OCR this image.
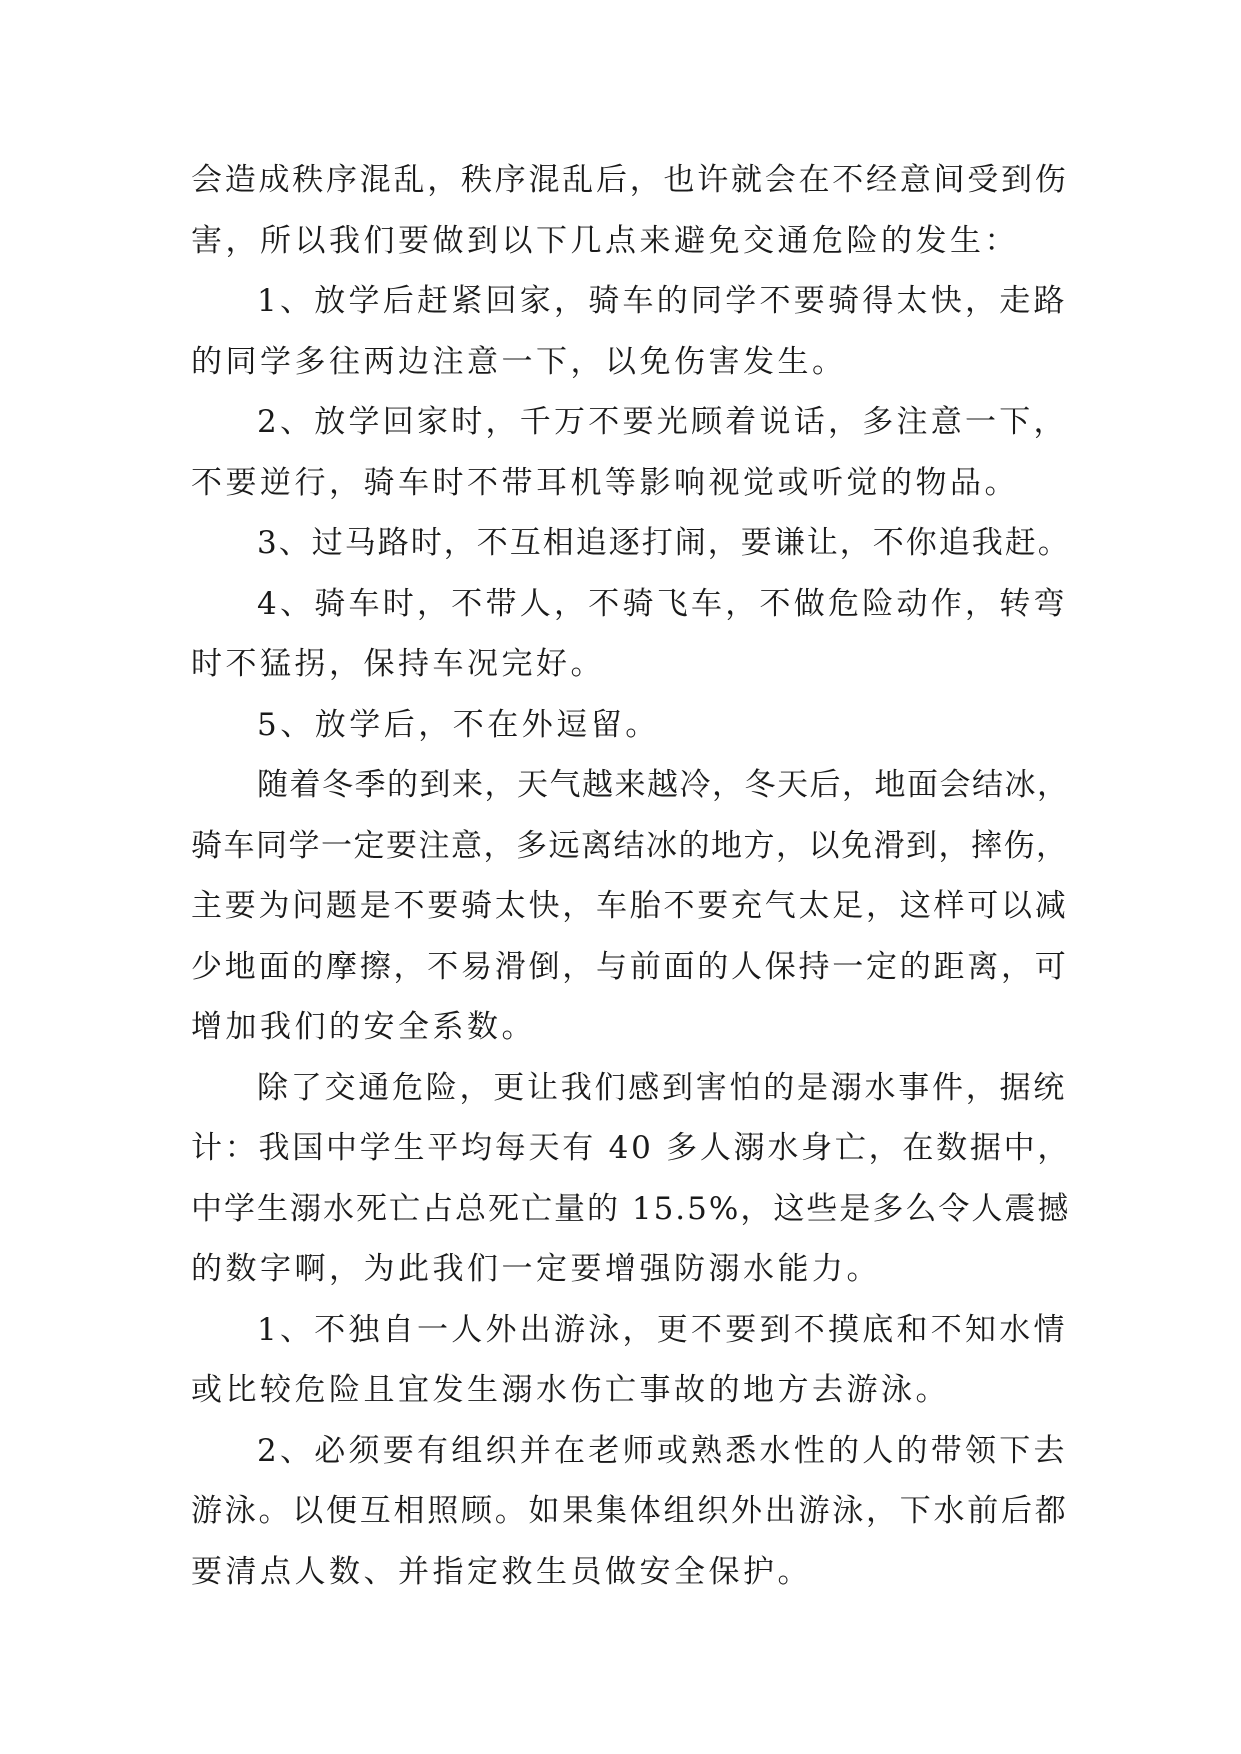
会造成秩序混乱，秩序混乱后，也许就会在不经意间受到伤
害，所以我们要做到以下几点来避免交通危险的发生：
1、放学后赶紧回家，骑车的同学不要骑得太快，走路
的同学多往两边注意一下，以免伤害发生。
2、放学回家时，千万不要光顾着说话，多注意一下，
不要逆行，骑车时不带耳机等影响视觉或听觉的物品。
3、过马路时，不互相追逐打闹，要谦让，不你追我赶。
4、骑车时，不带人，不骑飞车，不做危险动作，转弯
时不猛拐，保持车况完好。
5、放学后，不在外逗留。
随着冬季的到来，天气越来越冷，冬天后，地面会结冰，
骑车同学一定要注意，多远离结冰的地方，以免滑到，摔伤，
主要为问题是不要骑太快，车胎不要充气太足，这样可以减
少地面的摩擦，不易滑倒，与前面的人保持一定的距离，可
增加我们的安全系数。
除了交通危险，更让我们感到害怕的是溺水事件，据统
计：我国中学生平均每天有 40 多人溺水身亡，在数据中，
中学生溺水死亡占总死亡量的 15.5%，这些是多么令人震撼
的数字啊，为此我们一定要增强防溺水能力。
1、不独自一人外出游泳，更不要到不摸底和不知水情
或比较危险且宜发生溺水伤亡事故的地方去游泳。
2、必须要有组织并在老师或熟悉水性的人的带领下去
游泳。以便互相照顾。如果集体组织外出游泳，下水前后都
要清点人数、并指定救生员做安全保护。
